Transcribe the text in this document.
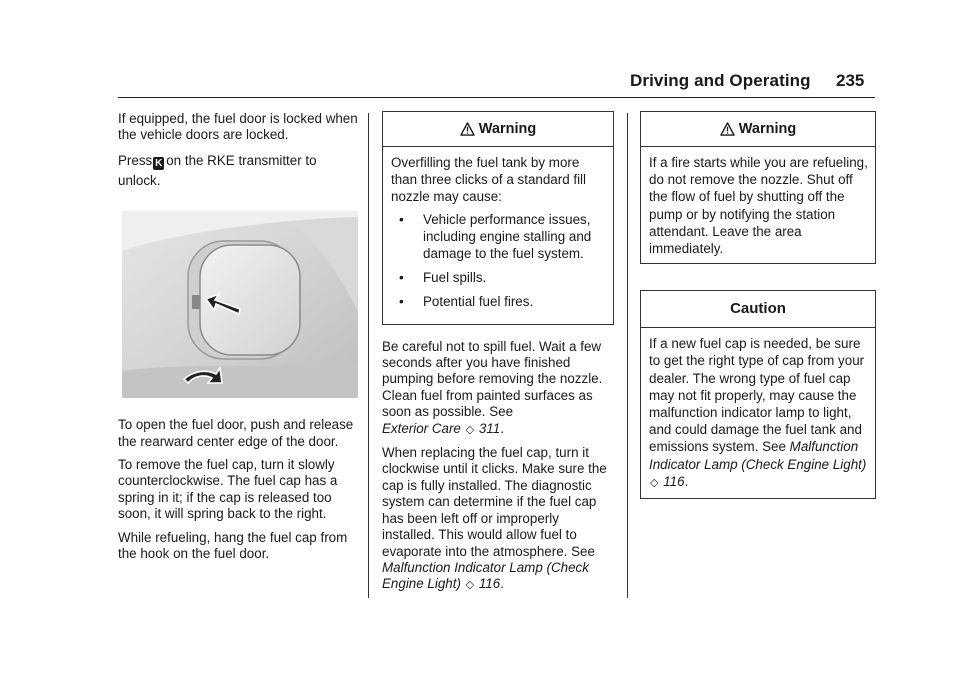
Driving and Operating 235

If equipped, the fuel door is locked when the vehicle doors are locked.

Press K on the RKE transmitter to
unlock.

To open the fuel door, push and release the rearward center edge of the door.

To remove the fuel cap, turn it slowly counterclockwise. The fuel cap has a spring in it; if the cap is released too soon, it will spring back to the right.

While refueling, hang the fuel cap from the hook on the fuel door.

Warning
Overfilling the fuel tank by more than three clicks of a standard fill nozzle may cause:
•	Vehicle performance issues, including engine stalling and damage to the fuel system.
•	Fuel spills.
•	Potential fuel fires.

Be careful not to spill fuel. Wait a few seconds after you have finished pumping before removing the nozzle. Clean fuel from painted surfaces as soon as possible. See
Exterior Care ◇ 311.

When replacing the fuel cap, turn it clockwise until it clicks. Make sure the cap is fully installed. The diagnostic system can determine if the fuel cap has been left off or improperly installed. This would allow fuel to evaporate into the atmosphere. See Malfunction Indicator Lamp (Check Engine Light) ◇ 116.

Warning
If a fire starts while you are refueling, do not remove the nozzle. Shut off the flow of fuel by shutting off the pump or by notifying the station attendant. Leave the area immediately.
Caution
If a new fuel cap is needed, be sure to get the right type of cap from your dealer. The wrong type of fuel cap may not fit properly, may cause the malfunction indicator lamp to light, and could damage the fuel tank and emissions system. See Malfunction Indicator Lamp (Check Engine Light) ◇ 116.
